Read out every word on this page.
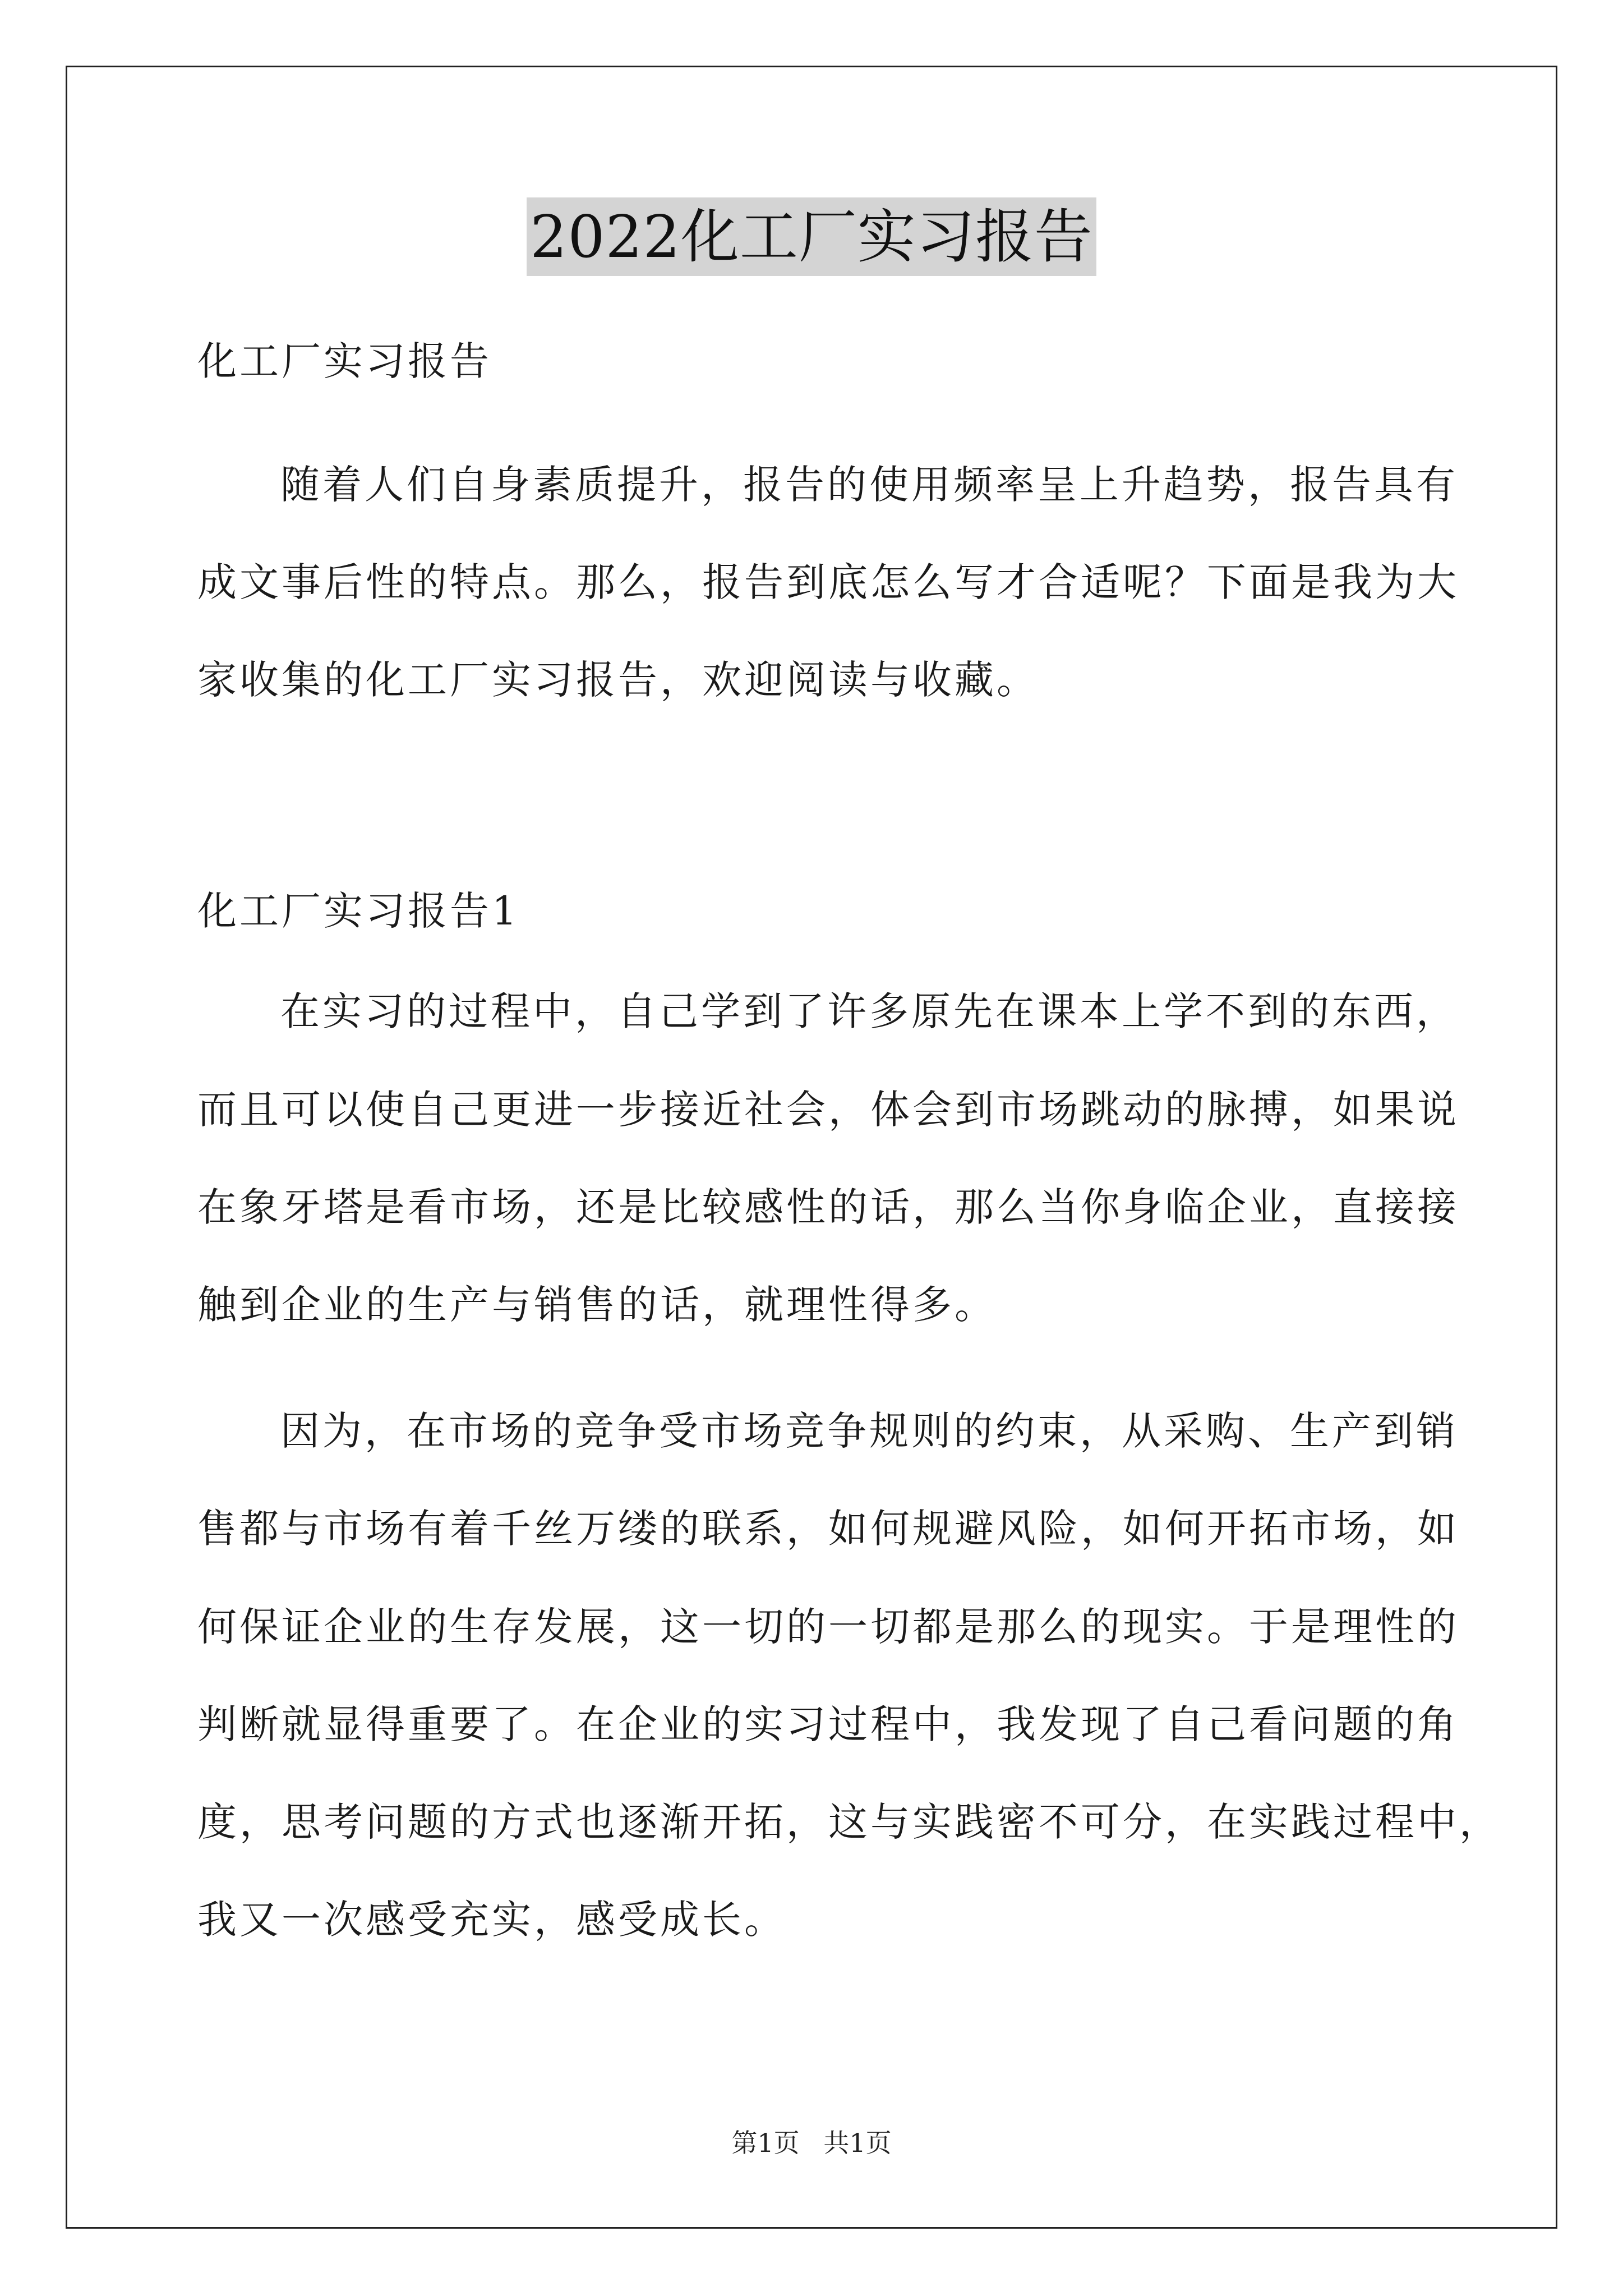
2022化工厂实习报告
化工厂实习报告
随着人们自身素质提升，报告的使用频率呈上升趋势，报告具有
成文事后性的特点。那么，报告到底怎么写才合适呢？下面是我为大
家收集的化工厂实习报告，欢迎阅读与收藏。
化工厂实习报告1
在实习的过程中，自己学到了许多原先在课本上学不到的东西，
而且可以使自己更进一步接近社会，体会到市场跳动的脉搏，如果说
在象牙塔是看市场，还是比较感性的话，那么当你身临企业，直接接
触到企业的生产与销售的话，就理性得多。
因为，在市场的竞争受市场竞争规则的约束，从采购、生产到销
售都与市场有着千丝万缕的联系，如何规避风险，如何开拓市场，如
何保证企业的生存发展，这一切的一切都是那么的现实。于是理性的
判断就显得重要了。在企业的实习过程中，我发现了自己看问题的角
度，思考问题的方式也逐渐开拓，这与实践密不可分，在实践过程中，
我又一次感受充实，感受成长。
第1页 共1页
